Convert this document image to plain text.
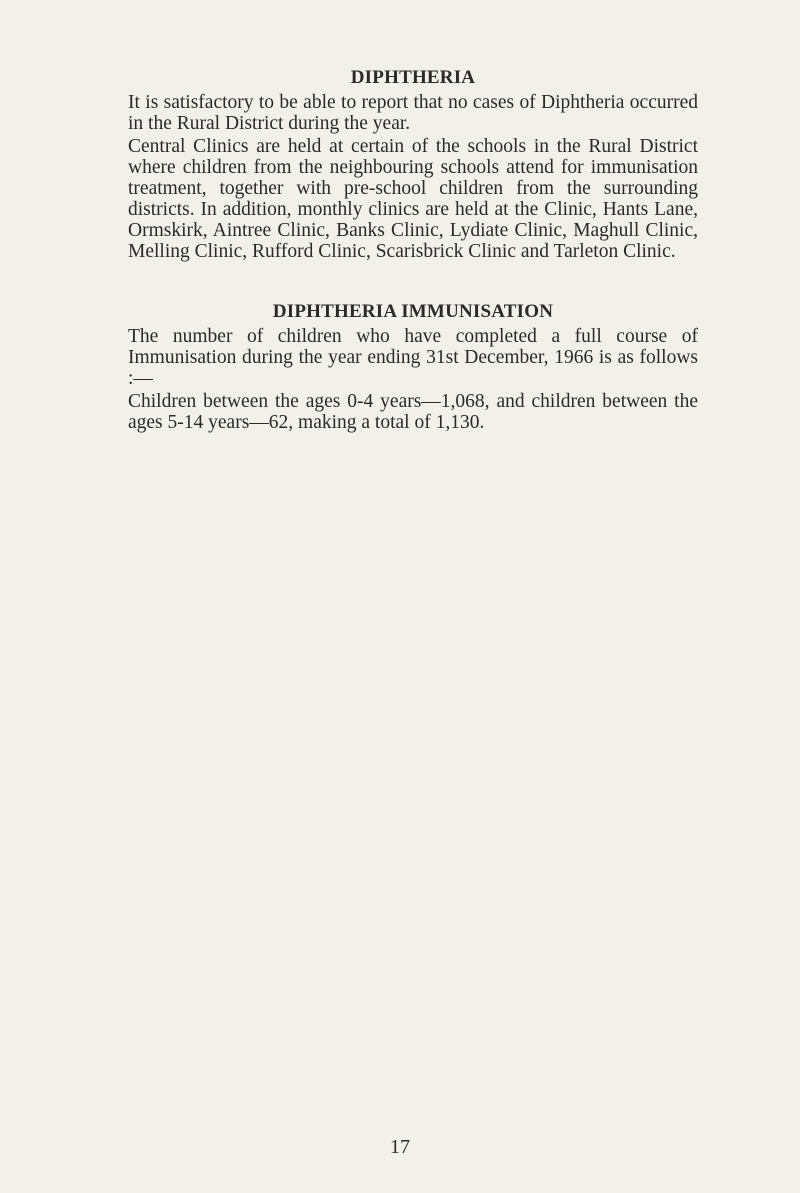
DIPHTHERIA

It is satisfactory to be able to report that no cases of Diphtheria occurred in the Rural District during the year.

Central Clinics are held at certain of the schools in the Rural District where children from the neighbouring schools attend for immunisation treatment, together with pre-school children from the surrounding districts. In addition, monthly clinics are held at the Clinic, Hants Lane, Ormskirk, Aintree Clinic, Banks Clinic, Lydiate Clinic, Maghull Clinic, Melling Clinic, Rufford Clinic, Scarisbrick Clinic and Tarleton Clinic.

DIPHTHERIA IMMUNISATION

The number of children who have completed a full course of Immunisation during the year ending 31st December, 1966 is as follows :—

Children between the ages 0-4 years—1,068, and children between the ages 5-14 years—62, making a total of 1,130.

17
